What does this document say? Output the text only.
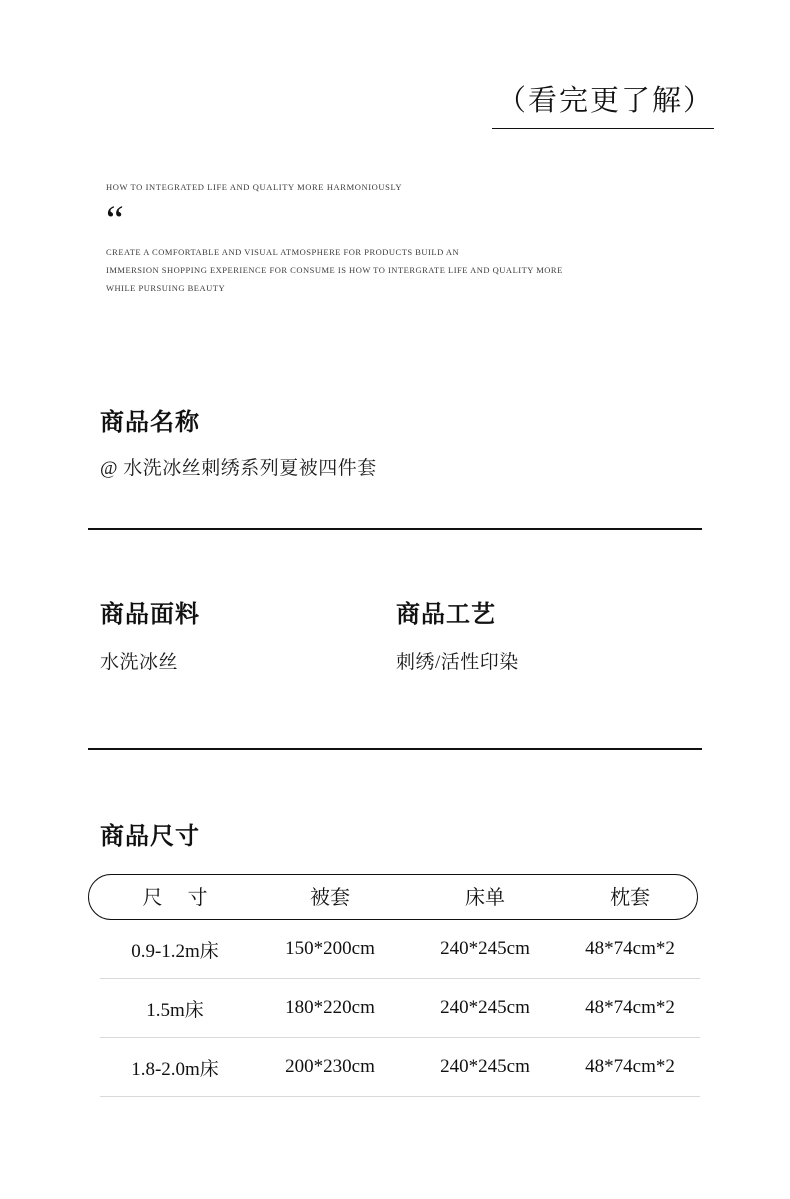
（看完更了解）
HOW TO INTEGRATED LIFE AND QUALITY MORE HARMONIOUSLY
“
CREATE A COMFORTABLE AND VISUAL ATMOSPHERE FOR PRODUCTS BUILD AN
IMMERSION SHOPPING EXPERIENCE FOR CONSUME IS HOW TO INTERGRATE LIFE AND QUALITY MORE
WHILE PURSUING BEAUTY
商品名称
@ 水洗冰丝刺绣系列夏被四件套
商品面料
水洗冰丝
商品工艺
刺绣/活性印染
商品尺寸
尺 寸	被套	床单	枕套
0.9-1.2m床	150*200cm	240*245cm	48*74cm*2
1.5m床	180*220cm	240*245cm	48*74cm*2
1.8-2.0m床	200*230cm	240*245cm	48*74cm*2
